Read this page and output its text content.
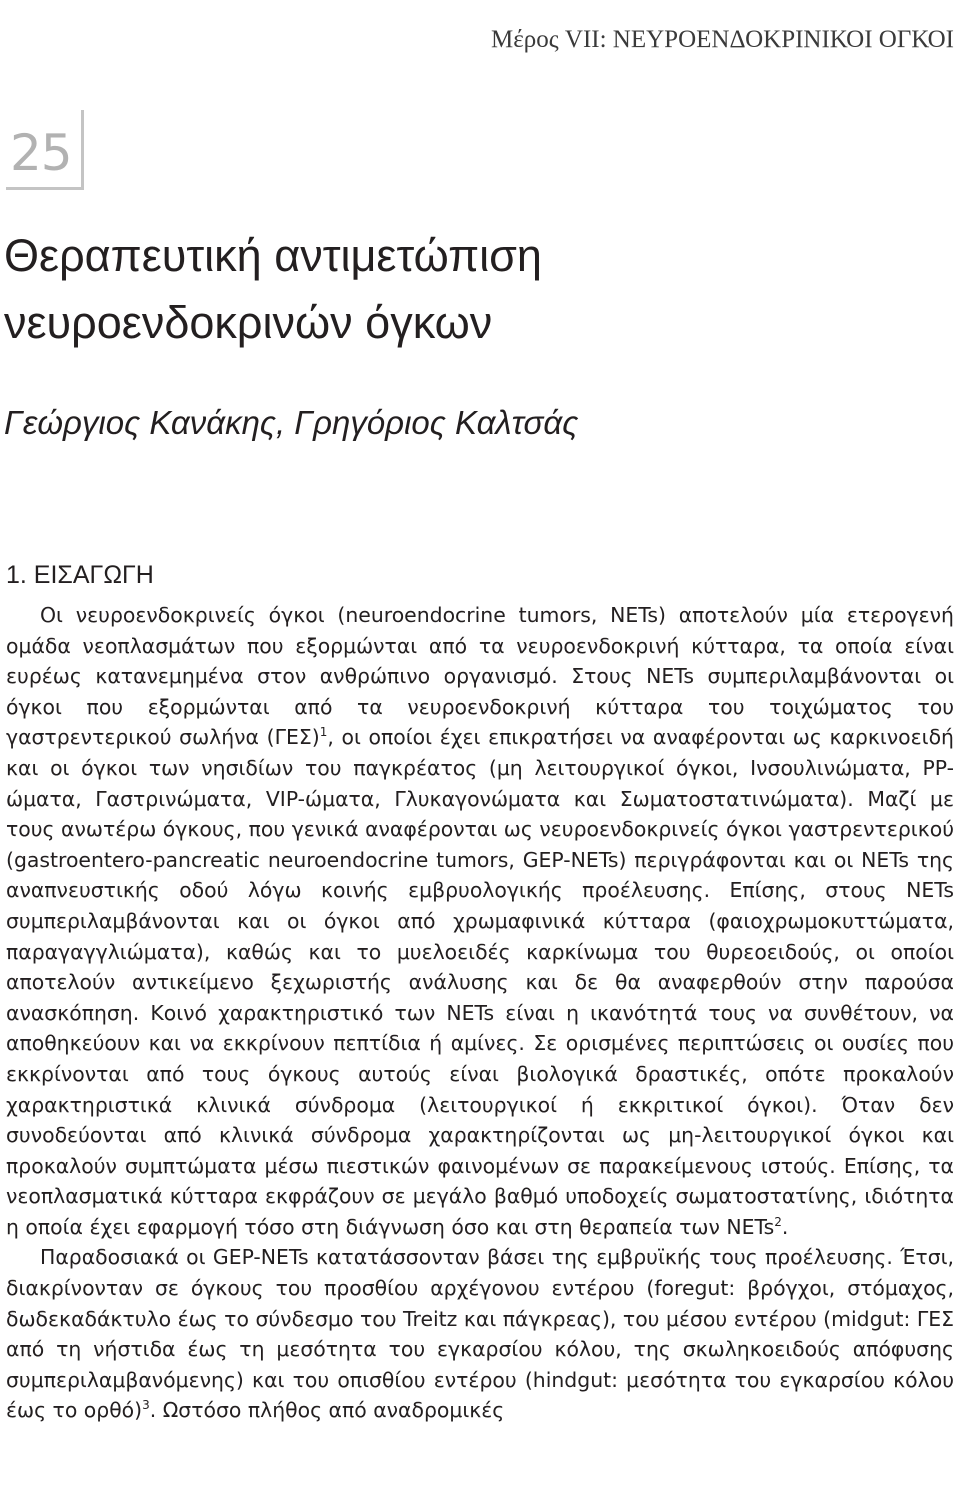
Μέρος VII: ΝΕΥΡΟΕΝΔΟΚΡΙΝΙΚΟΙ ΟΓΚΟΙ
25
Θεραπευτική αντιμετώπιση
νευροενδοκρινών όγκων
Γεώργιος Κανάκης, Γρηγόριος Καλτσάς
1. ΕΙΣΑΓΩΓΗ

Οι νευροενδοκρινείς όγκοι (neuroendocrine tumors, NETs) αποτελούν μία ετερογενή ομάδα νεοπλασμάτων που εξορμώνται από τα νευροενδοκρινή κύτταρα, τα οποία είναι ευρέως κατανεμημένα στον ανθρώπινο οργανισμό. Στους NETs συμπεριλαμβάνονται οι όγκοι που εξορμώνται από τα νευροενδοκρινή κύτταρα του τοιχώματος του γαστρεντερικού σωλήνα $(\Gamma E\Sigma)^1$, οι οποίοι έχει επικρατήσει να αναφέρονται ως καρκινοειδή και οι όγκοι των νησιδίων του παγκρέατος (μη λειτουργικοί όγκοι, Ινσουλινώματα, PP-ώματα, Γαστρινώματα, VIP-ώματα, Γλυκαγονώματα και Σωματοστατινώματα). Μαζί με τους ανωτέρω όγκους, που γενικά αναφέρονται ως νευροενδοκρινείς όγκοι γαστρεντερικού (gastroentero-pancreatic neuroendocrine tumors, GEP-NETs) περιγράφονται και οι NETs της αναπνευστικής οδού λόγω κοινής εμβρυολογικής προέλευσης. Επίσης, στους NETs συμπεριλαμβάνονται και οι όγκοι από χρωμαφινικά κύτταρα (φαιοχρωμοκυττώματα, παραγαγγλιώματα), καθώς και το μυελοειδές καρκίνωμα του θυρεοειδούς, οι οποίοι αποτελούν αντικείμενο ξεχωριστής ανάλυσης και δε θα αναφερθούν στην παρούσα ανασκόπηση. Κοινό χαρακτηριστικό των NETs είναι η ικανότητά τους να συνθέτουν, να αποθηκεύουν και να εκκρίνουν πεπτίδια ή αμίνες. Σε ορισμένες περιπτώσεις οι ουσίες που εκκρίνονται από τους όγκους αυτούς είναι βιολογικά δραστικές, οπότε προκαλούν χαρακτηριστικά κλινικά σύνδρομα (λειτουργικοί ή εκκριτικοί όγκοι). Όταν δεν συνοδεύονται από κλινικά σύνδρομα χαρακτηρίζονται ως μη-λειτουργικοί όγκοι και προκαλούν συμπτώματα μέσω πιεστικών φαινομένων σε παρακείμενους ιστούς. Επίσης, τα νεοπλασματικά κύτταρα εκφράζουν σε μεγάλο βαθμό υποδοχείς σωματοστατίνης, ιδιότητα η οποία έχει εφαρμογή τόσο στη διάγνωση όσο και στη θεραπεία των NETs$^2$.

Παραδοσιακά οι GEP-NETs κατατάσσονταν βάσει της εμβρυϊκής τους προέλευσης. Έτσι, διακρίνονταν σε όγκους του προσθίου αρχέγονου εντέρου (foregut: βρόγχοι, στόμαχος, δωδεκαδάκτυλο έως το σύνδεσμο του Treitz και πάγκρεας), του μέσου εντέρου (midgut: ΓΕΣ από τη νήστιδα έως τη μεσότητα του εγκαρσίου κόλου, της σκωληκοειδούς απόφυσης συμπεριλαμβανόμενης) και του οπισθίου εντέρου (hindgut: μεσότητα του εγκαρσίου κόλου έως το ορθό)$^3$. Ωστόσο πλήθος από αναδρομικές
